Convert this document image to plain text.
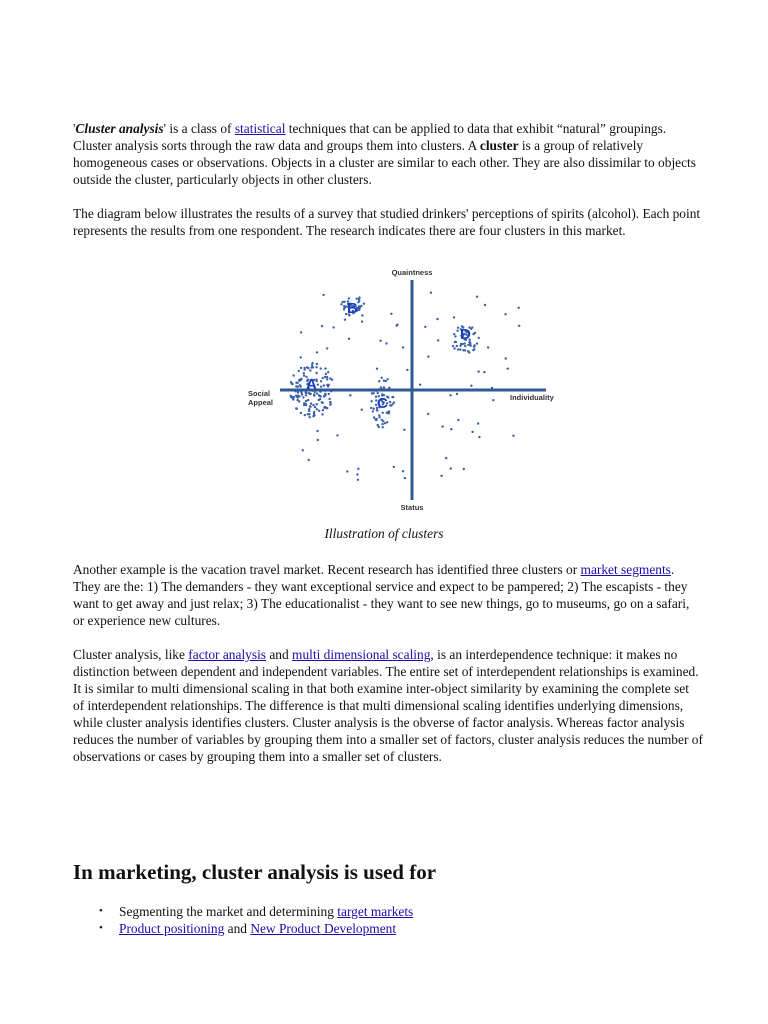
'Cluster analysis' is a class of statistical techniques that can be applied to data that exhibit “natural” groupings. Cluster analysis sorts through the raw data and groups them into clusters. A cluster is a group of relatively homogeneous cases or observations. Objects in a cluster are similar to each other. They are also dissimilar to objects outside the cluster, particularly objects in other clusters.

The diagram below illustrates the results of a survey that studied drinkers' perceptions of spirits (alcohol). Each point represents the results from one respondent. The research indicates there are four clusters in this market.

Quaintness
Status
Social
Appeal
Individuality
A
B
C
D
Illustration of clusters

Another example is the vacation travel market. Recent research has identified three clusters or market segments. They are the: 1) The demanders - they want exceptional service and expect to be pampered; 2) The escapists - they want to get away and just relax; 3) The educationalist - they want to see new things, go to museums, go on a safari, or experience new cultures.

Cluster analysis, like factor analysis and multi dimensional scaling, is an interdependence technique: it makes no distinction between dependent and independent variables. The entire set of interdependent relationships is examined. It is similar to multi dimensional scaling in that both examine inter-object similarity by examining the complete set of interdependent relationships. The difference is that multi dimensional scaling identifies underlying dimensions, while cluster analysis identifies clusters. Cluster analysis is the obverse of factor analysis. Whereas factor analysis reduces the number of variables by grouping them into a smaller set of factors, cluster analysis reduces the number of observations or cases by grouping them into a smaller set of clusters.

In marketing, cluster analysis is used for
• Segmenting the market and determining target markets
• Product positioning and New Product Development
